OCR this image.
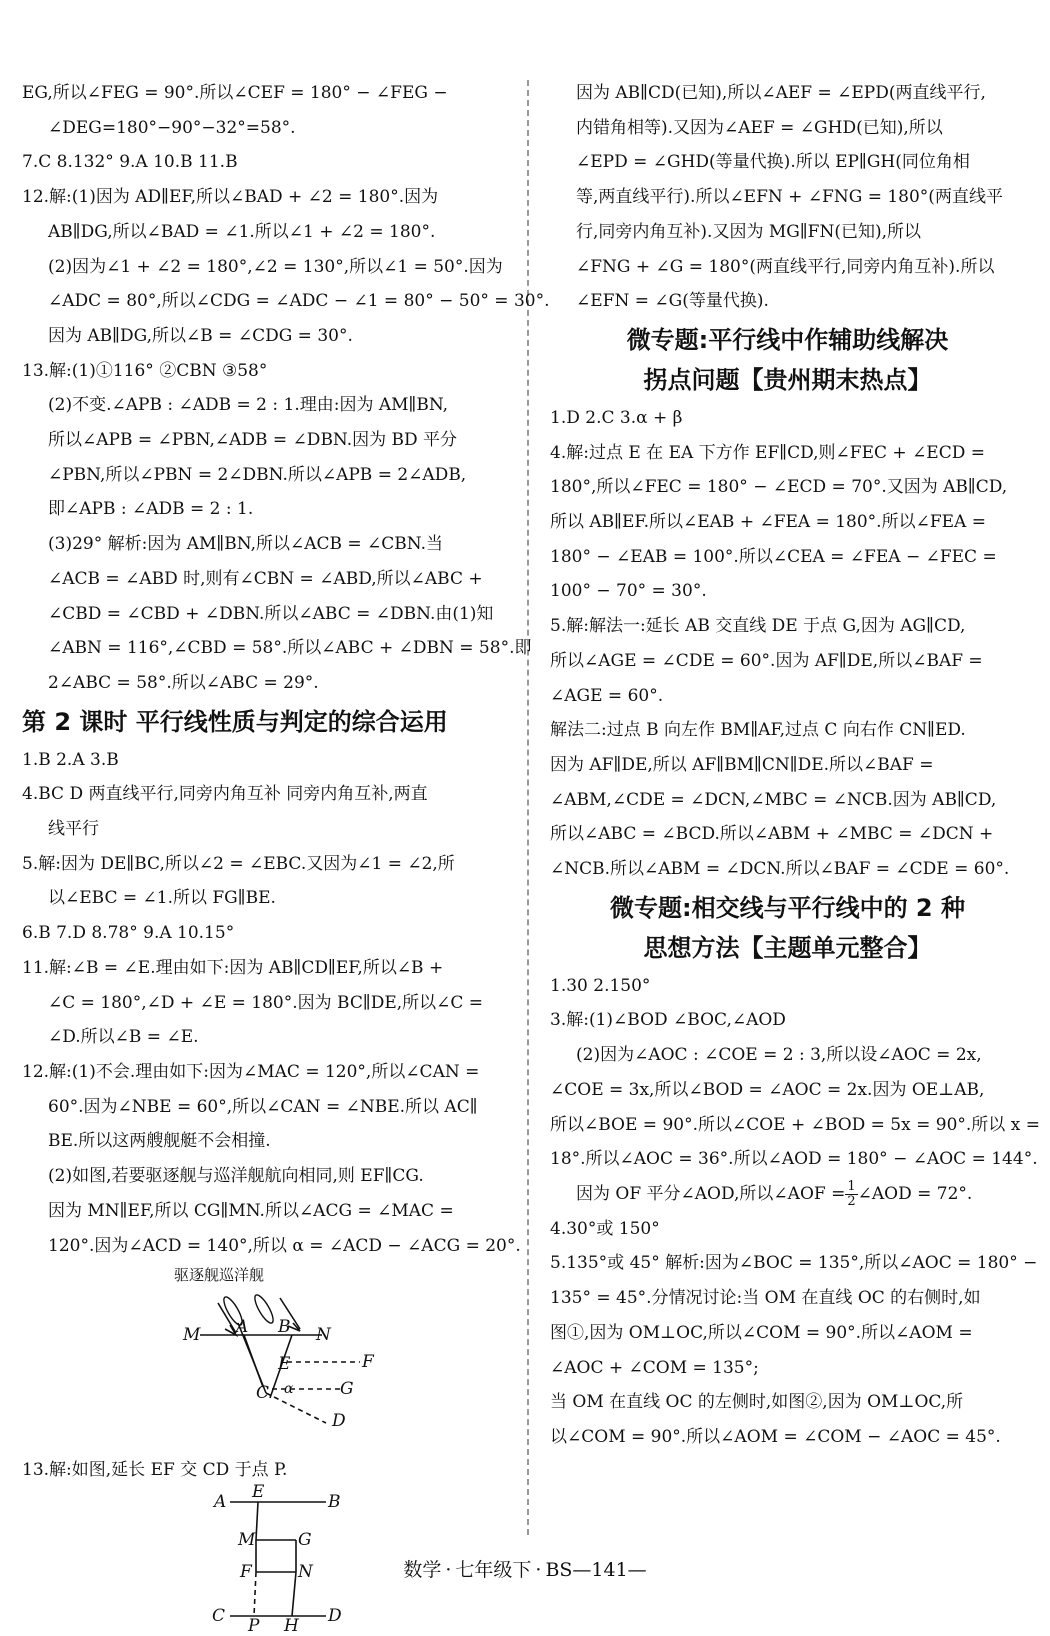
EG,所以∠FEG = 90°.所以∠CEF = 180° − ∠FEG −

∠DEG=180°−90°−32°=58°.

7.C 8.132° 9.A 10.B 11.B

12.解:(1)因为 AD∥EF,所以∠BAD + ∠2 = 180°.因为

AB∥DG,所以∠BAD = ∠1.所以∠1 + ∠2 = 180°.

(2)因为∠1 + ∠2 = 180°,∠2 = 130°,所以∠1 = 50°.因为

∠ADC = 80°,所以∠CDG = ∠ADC − ∠1 = 80° − 50° = 30°.

因为 AB∥DG,所以∠B = ∠CDG = 30°.

13.解:(1)①116° ②CBN ③58°

(2)不变.∠APB : ∠ADB = 2 : 1.理由:因为 AM∥BN,

所以∠APB = ∠PBN,∠ADB = ∠DBN.因为 BD 平分

∠PBN,所以∠PBN = 2∠DBN.所以∠APB = 2∠ADB,

即∠APB : ∠ADB = 2 : 1.

(3)29° 解析:因为 AM∥BN,所以∠ACB = ∠CBN.当

∠ACB = ∠ABD 时,则有∠CBN = ∠ABD,所以∠ABC +

∠CBD = ∠CBD + ∠DBN.所以∠ABC = ∠DBN.由(1)知

∠ABN = 116°,∠CBD = 58°.所以∠ABC + ∠DBN = 58°.即

2∠ABC = 58°.所以∠ABC = 29°.

第 2 课时 平行线性质与判定的综合运用

1.B 2.A 3.B

4.BC D 两直线平行,同旁内角互补 同旁内角互补,两直

线平行

5.解:因为 DE∥BC,所以∠2 = ∠EBC.又因为∠1 = ∠2,所

以∠EBC = ∠1.所以 FG∥BE.

6.B 7.D 8.78° 9.A 10.15°

11.解:∠B = ∠E.理由如下:因为 AB∥CD∥EF,所以∠B +

∠C = 180°,∠D + ∠E = 180°.因为 BC∥DE,所以∠C =

∠D.所以∠B = ∠E.

12.解:(1)不会.理由如下:因为∠MAC = 120°,所以∠CAN =

60°.因为∠NBE = 60°,所以∠CAN = ∠NBE.所以 AC∥

BE.所以这两艘舰艇不会相撞.

(2)如图,若要驱逐舰与巡洋舰航向相同,则 EF∥CG.

因为 MN∥EF,所以 CG∥MN.所以∠ACG = ∠MAC =

120°.因为∠ACD = 140°,所以 α = ∠ACD − ∠ACG = 20°.

驱逐舰巡洋舰
M A B N
E	F
C α	G
D

13.解:如图,延长 EF 交 CD 于点 P.

A E	B
M	G
F	N
C P H D

因为 AB∥CD(已知),所以∠AEF = ∠EPD(两直线平行,

内错角相等).又因为∠AEF = ∠GHD(已知),所以

∠EPD = ∠GHD(等量代换).所以 EP∥GH(同位角相

等,两直线平行).所以∠EFN + ∠FNG = 180°(两直线平

行,同旁内角互补).又因为 MG∥FN(已知),所以

∠FNG + ∠G = 180°(两直线平行,同旁内角互补).所以

∠EFN = ∠G(等量代换).

微专题:平行线中作辅助线解决
拐点问题【贵州期末热点】

1.D 2.C 3.α + β

4.解:过点 E 在 EA 下方作 EF∥CD,则∠FEC + ∠ECD =

180°,所以∠FEC = 180° − ∠ECD = 70°.又因为 AB∥CD,

所以 AB∥EF.所以∠EAB + ∠FEA = 180°.所以∠FEA =

180° − ∠EAB = 100°.所以∠CEA = ∠FEA − ∠FEC =

100° − 70° = 30°.

5.解:解法一:延长 AB 交直线 DE 于点 G,因为 AG∥CD,

所以∠AGE = ∠CDE = 60°.因为 AF∥DE,所以∠BAF =

∠AGE = 60°.

解法二:过点 B 向左作 BM∥AF,过点 C 向右作 CN∥ED.

因为 AF∥DE,所以 AF∥BM∥CN∥DE.所以∠BAF =

∠ABM,∠CDE = ∠DCN,∠MBC = ∠NCB.因为 AB∥CD,

所以∠ABC = ∠BCD.所以∠ABM + ∠MBC = ∠DCN +

∠NCB.所以∠ABM = ∠DCN.所以∠BAF = ∠CDE = 60°.

微专题:相交线与平行线中的 2 种
思想方法【主题单元整合】

1.30 2.150°

3.解:(1)∠BOD ∠BOC,∠AOD

(2)因为∠AOC : ∠COE = 2 : 3,所以设∠AOC = 2x,

∠COE = 3x,所以∠BOD = ∠AOC = 2x.因为 OE⊥AB,

所以∠BOE = 90°.所以∠COE + ∠BOD = 5x = 90°.所以 x =

18°.所以∠AOC = 36°.所以∠AOD = 180° − ∠AOC = 144°.

因为 OF 平分∠AOD,所以∠AOF = $\frac{1}{2}$ ∠AOD = 72°.

4.30°或 150°

5.135°或 45° 解析:因为∠BOC = 135°,所以∠AOC = 180° −

135° = 45°.分情况讨论:当 OM 在直线 OC 的右侧时,如

图①,因为 OM⊥OC,所以∠COM = 90°.所以∠AOM =

∠AOC + ∠COM = 135°;

当 OM 在直线 OC 的左侧时,如图②,因为 OM⊥OC,所

以∠COM = 90°.所以∠AOM = ∠COM − ∠AOC = 45°.

数学 · 七年级下 · BS—141—
